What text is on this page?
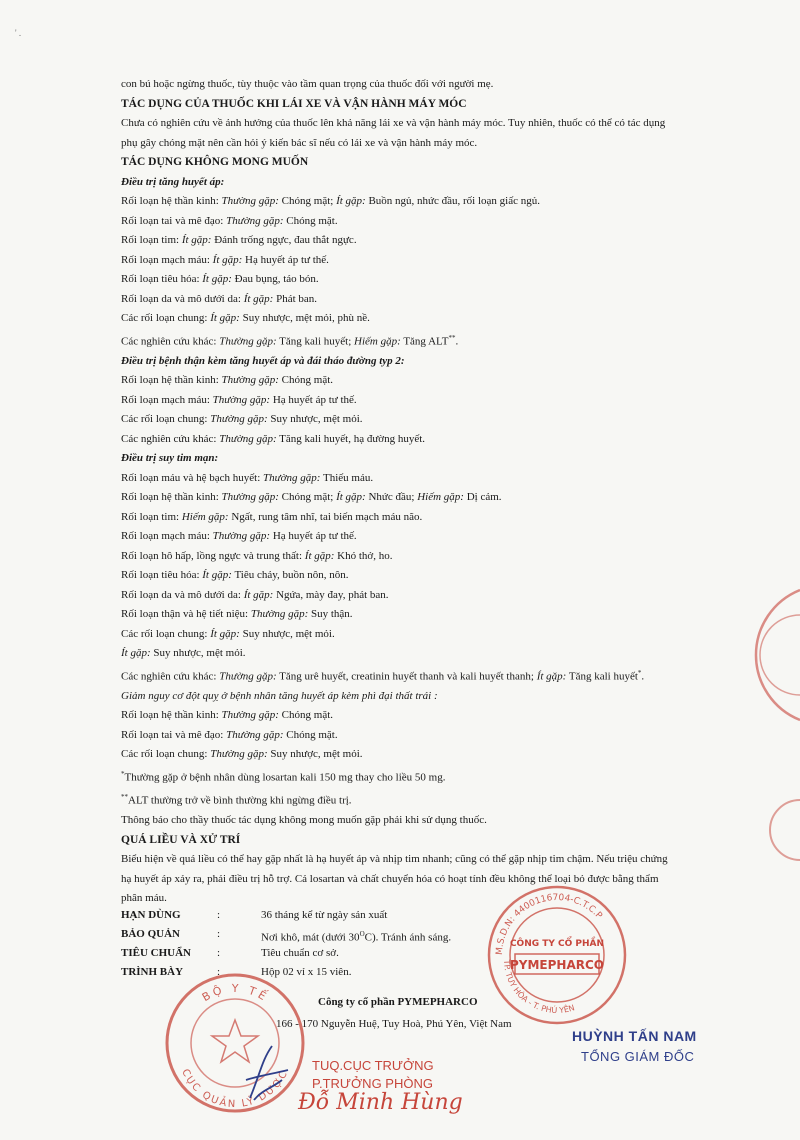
' .
con bú hoặc ngừng thuốc, tùy thuộc vào tầm quan trọng của thuốc đối với người mẹ.
TÁC DỤNG CỦA THUỐC KHI LÁI XE VÀ VẬN HÀNH MÁY MÓC
Chưa có nghiên cứu về ảnh hưởng của thuốc lên khả năng lái xe và vận hành máy móc. Tuy nhiên, thuốc có thể có tác dụng
phụ gây chóng mặt nên cần hỏi ý kiến bác sĩ nếu có lái xe và vận hành máy móc.
TÁC DỤNG KHÔNG MONG MUỐN
Điều trị tăng huyết áp:
Rối loạn hệ thần kinh: Thường gặp: Chóng mặt; Ít gặp: Buồn ngủ, nhức đầu, rối loạn giấc ngủ.
Rối loạn tai và mê đạo: Thường gặp: Chóng mặt.
Rối loạn tim: Ít gặp: Đánh trống ngực, đau thắt ngực.
Rối loạn mạch máu: Ít gặp: Hạ huyết áp tư thế.
Rối loạn tiêu hóa: Ít gặp: Đau bụng, táo bón.
Rối loạn da và mô dưới da: Ít gặp: Phát ban.
Các rối loạn chung: Ít gặp: Suy nhược, mệt mỏi, phù nề.
Các nghiên cứu khác: Thường gặp: Tăng kali huyết; Hiếm gặp: Tăng ALT**.
Điều trị bệnh thận kèm tăng huyết áp và đái tháo đường typ 2:
Rối loạn hệ thần kinh: Thường gặp: Chóng mặt.
Rối loạn mạch máu: Thường gặp: Hạ huyết áp tư thế.
Các rối loạn chung: Thường gặp: Suy nhược, mệt mỏi.
Các nghiên cứu khác: Thường gặp: Tăng kali huyết, hạ đường huyết.
Điều trị suy tim mạn:
Rối loạn máu và hệ bạch huyết: Thường gặp: Thiếu máu.
Rối loạn hệ thần kinh: Thường gặp: Chóng mặt; Ít gặp: Nhức đầu; Hiếm gặp: Dị cảm.
Rối loạn tim: Hiếm gặp: Ngất, rung tâm nhĩ, tai biến mạch máu não.
Rối loạn mạch máu: Thường gặp: Hạ huyết áp tư thế.
Rối loạn hô hấp, lồng ngực và trung thất: Ít gặp: Khó thở, ho.
Rối loạn tiêu hóa: Ít gặp: Tiêu chảy, buồn nôn, nôn.
Rối loạn da và mô dưới da: Ít gặp: Ngứa, mày đay, phát ban.
Rối loạn thận và hệ tiết niệu: Thường gặp: Suy thận.
Các rối loạn chung: Ít gặp: Suy nhược, mệt mỏi.
Ít gặp: Suy nhược, mệt mỏi.
Các nghiên cứu khác: Thường gặp: Tăng urê huyết, creatinin huyết thanh và kali huyết thanh; Ít gặp: Tăng kali huyết*.
Giảm nguy cơ đột quỵ ở bệnh nhân tăng huyết áp kèm phì đại thất trái :
Rối loạn hệ thần kinh: Thường gặp: Chóng mặt.
Rối loạn tai và mê đạo: Thường gặp: Chóng mặt.
Các rối loạn chung: Thường gặp: Suy nhược, mệt mỏi.
*Thường gặp ở bệnh nhân dùng losartan kali 150 mg thay cho liều 50 mg.
**ALT thường trở về bình thường khi ngừng điều trị.
Thông báo cho thầy thuốc tác dụng không mong muốn gặp phải khi sử dụng thuốc.
QUÁ LIỀU VÀ XỬ TRÍ
Biểu hiện về quá liều có thể hay gặp nhất là hạ huyết áp và nhịp tim nhanh; cũng có thể gặp nhịp tim chậm. Nếu triệu chứng
hạ huyết áp xảy ra, phải điều trị hỗ trợ. Cả losartan và chất chuyển hóa có hoạt tính đều không thể loại bỏ được bằng thẩm
phân máu.
HẠN DÙNG	:	36 tháng kể từ ngày sản xuất
BẢO QUẢN	:	Nơi khô, mát (dưới $30^OC$). Tránh ánh sáng.
TIÊU CHUẨN :	Tiêu chuẩn cơ sở.
TRÌNH BÀY	:	Hộp 02 vỉ x 15 viên.
Công ty cổ phần PYMEPHARCO
166 - 170 Nguyễn Huệ, Tuy Hoà, Phú Yên, Việt Nam
M.S.D.N: 4400116704-C.T.C.P
TP. TUY HÒA - T. PHÚ YÊN
CÔNG TY CỔ PHẦN
PYMEPHARCO
BỘ Y TẾ
CỤC QUẢN LÝ DƯỢC
HUỲNH TẤN NAM
TỔNG GIÁM ĐỐC
TUQ.CỤC TRƯỞNG
P.TRƯỞNG PHÒNG
Đỗ Minh Hùng
